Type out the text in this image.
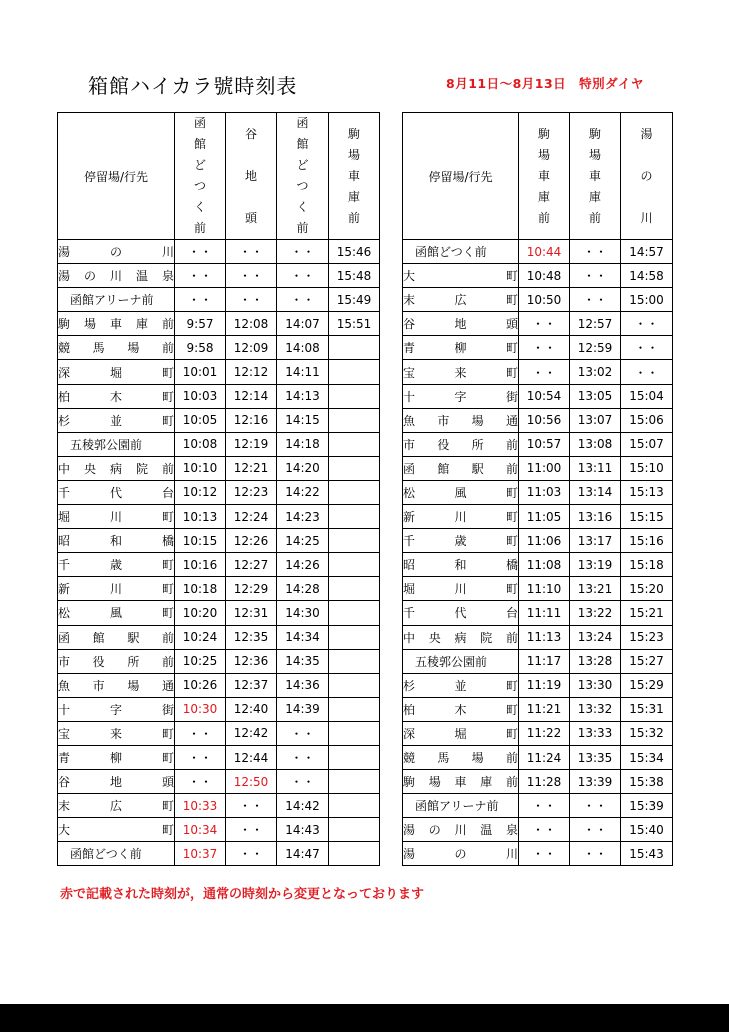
箱館ハイカラ號時刻表	8月11日～8月13日　特別ダイヤ
停留場/行先	函館どつく前	谷地頭	函館どつく前	駒場車庫前
湯の川	・・	・・	・・	15:46
湯の川温泉	・・	・・	・・	15:48
函館アリーナ前	・・	・・	・・	15:49
駒場車庫前	9:57	12:08	14:07	15:51
競馬場前	9:58	12:09	14:08	
深堀町	10:01	12:12	14:11	
柏木町	10:03	12:14	14:13	
杉並町	10:05	12:16	14:15	
五稜郭公園前	10:08	12:19	14:18	
中央病院前	10:10	12:21	14:20	
千代台	10:12	12:23	14:22	
堀川町	10:13	12:24	14:23	
昭和橋	10:15	12:26	14:25	
千歳町	10:16	12:27	14:26	
新川町	10:18	12:29	14:28	
松風町	10:20	12:31	14:30	
函館駅前	10:24	12:35	14:34	
市役所前	10:25	12:36	14:35	
魚市場通	10:26	12:37	14:36	
十字街	10:30	12:40	14:39	
宝来町	・・	12:42	・・	
青柳町	・・	12:44	・・	
谷地頭	・・	12:50	・・	
末広町	10:33	・・	14:42	
大町	10:34	・・	14:43	
函館どつく前	10:37	・・	14:47	
停留場/行先	駒場車庫前	駒場車庫前	湯の川
函館どつく前	10:44	・・	14:57
大町	10:48	・・	14:58
末広町	10:50	・・	15:00
谷地頭	・・	12:57	・・
青柳町	・・	12:59	・・
宝来町	・・	13:02	・・
十字街	10:54	13:05	15:04
魚市場通	10:56	13:07	15:06
市役所前	10:57	13:08	15:07
函館駅前	11:00	13:11	15:10
松風町	11:03	13:14	15:13
新川町	11:05	13:16	15:15
千歳町	11:06	13:17	15:16
昭和橋	11:08	13:19	15:18
堀川町	11:10	13:21	15:20
千代台	11:11	13:22	15:21
中央病院前	11:13	13:24	15:23
五稜郭公園前	11:17	13:28	15:27
杉並町	11:19	13:30	15:29
柏木町	11:21	13:32	15:31
深堀町	11:22	13:33	15:32
競馬場前	11:24	13:35	15:34
駒場車庫前	11:28	13:39	15:38
函館アリーナ前	・・	・・	15:39
湯の川温泉	・・	・・	15:40
湯の川	・・	・・	15:43
赤で記載された時刻が，通常の時刻から変更となっております
